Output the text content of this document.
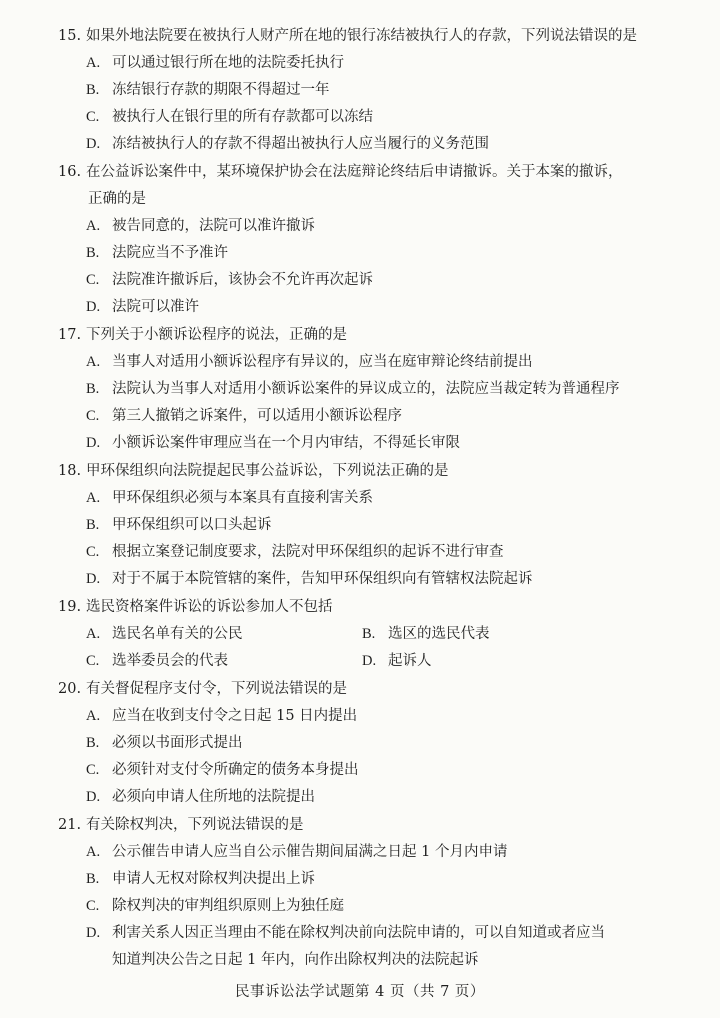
15. 如果外地法院要在被执行人财产所在地的银行冻结被执行人的存款，下列说法错误的是
A. 可以通过银行所在地的法院委托执行
B. 冻结银行存款的期限不得超过一年
C. 被执行人在银行里的所有存款都可以冻结
D. 冻结被执行人的存款不得超出被执行人应当履行的义务范围
16. 在公益诉讼案件中，某环境保护协会在法庭辩论终结后申请撤诉。关于本案的撤诉，
正确的是
A. 被告同意的，法院可以准许撤诉
B. 法院应当不予准许
C. 法院准许撤诉后，该协会不允许再次起诉
D. 法院可以准许
17. 下列关于小额诉讼程序的说法，正确的是
A. 当事人对适用小额诉讼程序有异议的，应当在庭审辩论终结前提出
B. 法院认为当事人对适用小额诉讼案件的异议成立的，法院应当裁定转为普通程序
C. 第三人撤销之诉案件，可以适用小额诉讼程序
D. 小额诉讼案件审理应当在一个月内审结，不得延长审限
18. 甲环保组织向法院提起民事公益诉讼，下列说法正确的是
A. 甲环保组织必须与本案具有直接利害关系
B. 甲环保组织可以口头起诉
C. 根据立案登记制度要求，法院对甲环保组织的起诉不进行审查
D. 对于不属于本院管辖的案件，告知甲环保组织向有管辖权法院起诉
19. 选民资格案件诉讼的诉讼参加人不包括
A. 选民名单有关的公民	B. 选区的选民代表
C. 选举委员会的代表	D. 起诉人
20. 有关督促程序支付令，下列说法错误的是
A. 应当在收到支付令之日起 15 日内提出
B. 必须以书面形式提出
C. 必须针对支付令所确定的债务本身提出
D. 必须向申请人住所地的法院提出
21. 有关除权判决，下列说法错误的是
A. 公示催告申请人应当自公示催告期间届满之日起 1 个月内申请
B. 申请人无权对除权判决提出上诉
C. 除权判决的审判组织原则上为独任庭
D. 利害关系人因正当理由不能在除权判决前向法院申请的，可以自知道或者应当
知道判决公告之日起 1 年内，向作出除权判决的法院起诉
民事诉讼法学试题第 4 页（共 7 页）
